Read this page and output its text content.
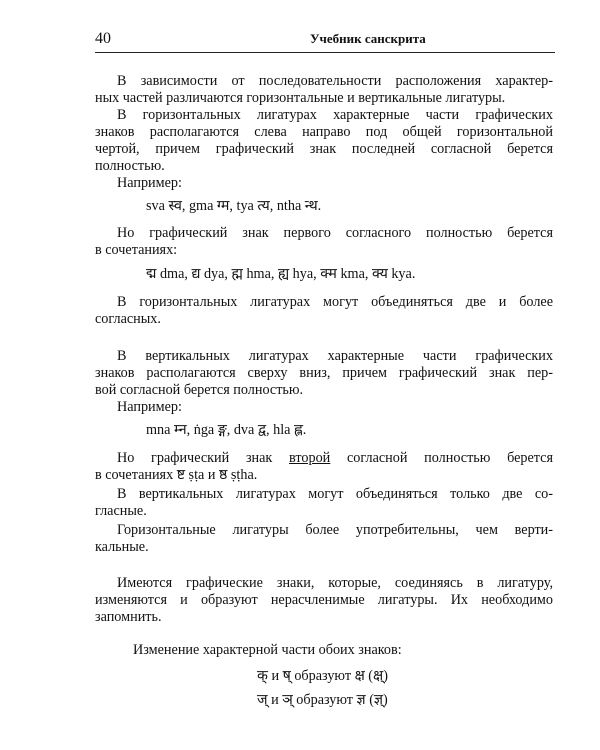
40	Учебник санскрита
В зависимости от последовательности расположения характер-
ных частей различаются горизонтальные и вертикальные лигатуры.
В горизонтальных лигатурах характерные части графических
знаков располагаются слева направо под общей горизонтальной
чертой, причем графический знак последней согласной берется
полностью.
Например:
sva स्व, gma ग्म, tya त्य, ntha न्थ.
Но графический знак первого согласного полностью берется
в сочетаниях:
द्म dma, द्य dya, ह्म hma, ह्य hya, क्म kma, क्य kya.
В горизонтальных лигатурах могут объединяться две и более
согласных.
В вертикальных лигатурах характерные части графических
знаков располагаются сверху вниз, причем графический знак пер-
вой согласной берется полностью.
Например:
mna म्न, ṅga ङ्ग, dva द्व, hla ह्ल.
Но графический знак второй согласной полностью берется
в сочетаниях ष्ट ṣṭa и ष्ठ ṣṭha.
В вертикальных лигатурах могут объединяться только две со-
гласные.
Горизонтальные лигатуры более употребительны, чем верти-
кальные.
Имеются графические знаки, которые, соединяясь в лигатуру,
изменяются и образуют нерасчленимые лигатуры. Их необходимо
запомнить.
Изменение характерной части обоих знаков:
क् и ष् образуют क्ष (क्ष्)
ज् и ञ् образуют ज्ञ (ज्ञ्)
